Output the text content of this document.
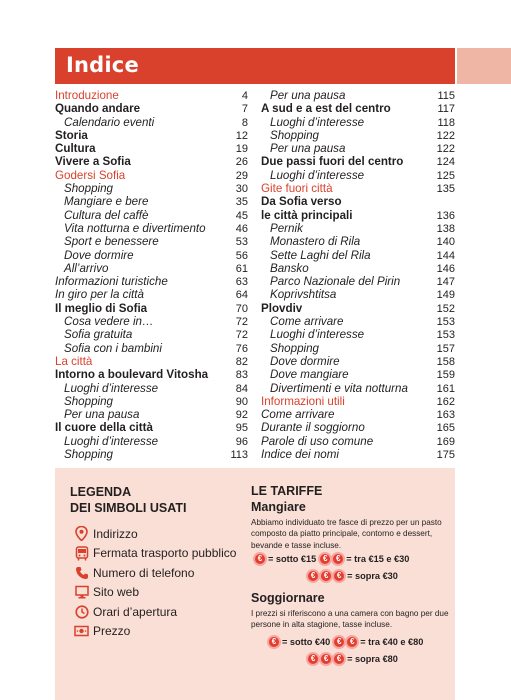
Indice
Introduzione	4
Quando andare	7
Calendario eventi	8
Storia	12
Cultura	19
Vivere a Sofia	26
Godersi Sofia	29
Shopping	30
Mangiare e bere	35
Cultura del caffè	45
Vita notturna e divertimento	46
Sport e benessere	53
Dove dormire	56
All’arrivo	61
Informazioni turistiche	63
In giro per la città	64
Il meglio di Sofia	70
Cosa vedere in…	72
Sofia gratuita	72
Sofia con i bambini	76
La città	82
Intorno a boulevard Vitosha	83
Luoghi d’interesse	84
Shopping	90
Per una pausa	92
Il cuore della città	95
Luoghi d’interesse	96
Shopping	113
Per una pausa	115
A sud e a est del centro	117
Luoghi d’interesse	118
Shopping	122
Per una pausa	122
Due passi fuori del centro	124
Luoghi d’interesse	125
Gite fuori città	135
Da Sofia verso
le città principali	136
Pernik	138
Monastero di Rila	140
Sette Laghi del Rila	144
Bansko	146
Parco Nazionale del Pirin	147
Koprivshtitsa	149
Plovdiv	152
Come arrivare	153
Luoghi d’interesse	153
Shopping	157
Dove dormire	158
Dove mangiare	159
Divertimenti e vita notturna	161
Informazioni utili	162
Come arrivare	163
Durante il soggiorno	165
Parole di uso comune	169
Indice dei nomi	175
LEGENDA
DEI SIMBOLI USATI
Indirizzo
Fermata trasporto pubblico
Numero di telefono
Sito web
Orari d’apertura
Prezzo
LE TARIFFE
Mangiare
Abbiamo individuato tre fasce di prezzo per un pasto composto da piatto principale, contorno e dessert, bevande e tasse incluse.
€ = sotto €15 €	€ = tra €15 e €30
€	€	€ = sopra €30
Soggiornare
I prezzi si riferiscono a una camera con bagno per due persone in alta stagione, tasse incluse.
€ = sotto €40 €	€ = tra €40 e €80
€	€	€ = sopra €80
